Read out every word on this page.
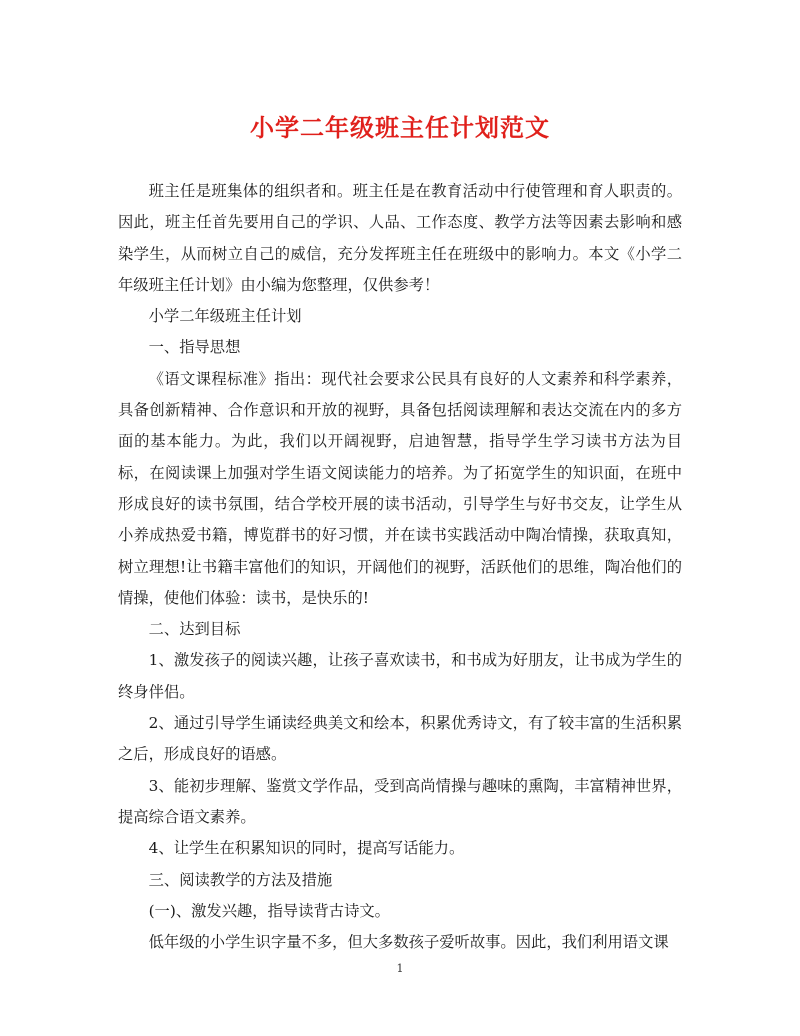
小学二年级班主任计划范文

班主任是班集体的组织者和。班主任是在教育活动中行使管理和育人职责的。因此，班主任首先要用自己的学识、人品、工作态度、教学方法等因素去影响和感染学生，从而树立自己的威信，充分发挥班主任在班级中的影响力。本文《小学二年级班主任计划》由小编为您整理，仅供参考！

小学二年级班主任计划

一、指导思想

《语文课程标准》指出：现代社会要求公民具有良好的人文素养和科学素养，具备创新精神、合作意识和开放的视野，具备包括阅读理解和表达交流在内的多方面的基本能力。为此，我们以开阔视野，启迪智慧，指导学生学习读书方法为目标，在阅读课上加强对学生语文阅读能力的培养。为了拓宽学生的知识面，在班中形成良好的读书氛围，结合学校开展的读书活动，引导学生与好书交友，让学生从小养成热爱书籍，博览群书的好习惯，并在读书实践活动中陶冶情操，获取真知，树立理想!让书籍丰富他们的知识，开阔他们的视野，活跃他们的思维，陶冶他们的情操，使他们体验：读书，是快乐的!

二、达到目标

1、激发孩子的阅读兴趣，让孩子喜欢读书，和书成为好朋友，让书成为学生的终身伴侣。

2、通过引导学生诵读经典美文和绘本，积累优秀诗文，有了较丰富的生活积累之后，形成良好的语感。

3、能初步理解、鉴赏文学作品，受到高尚情操与趣味的熏陶，丰富精神世界，提高综合语文素养。

4、让学生在积累知识的同时，提高写话能力。

三、阅读教学的方法及措施

(一)、激发兴趣，指导读背古诗文。

低年级的小学生识字量不多，但大多数孩子爱听故事。因此，我们利用语文课

1
